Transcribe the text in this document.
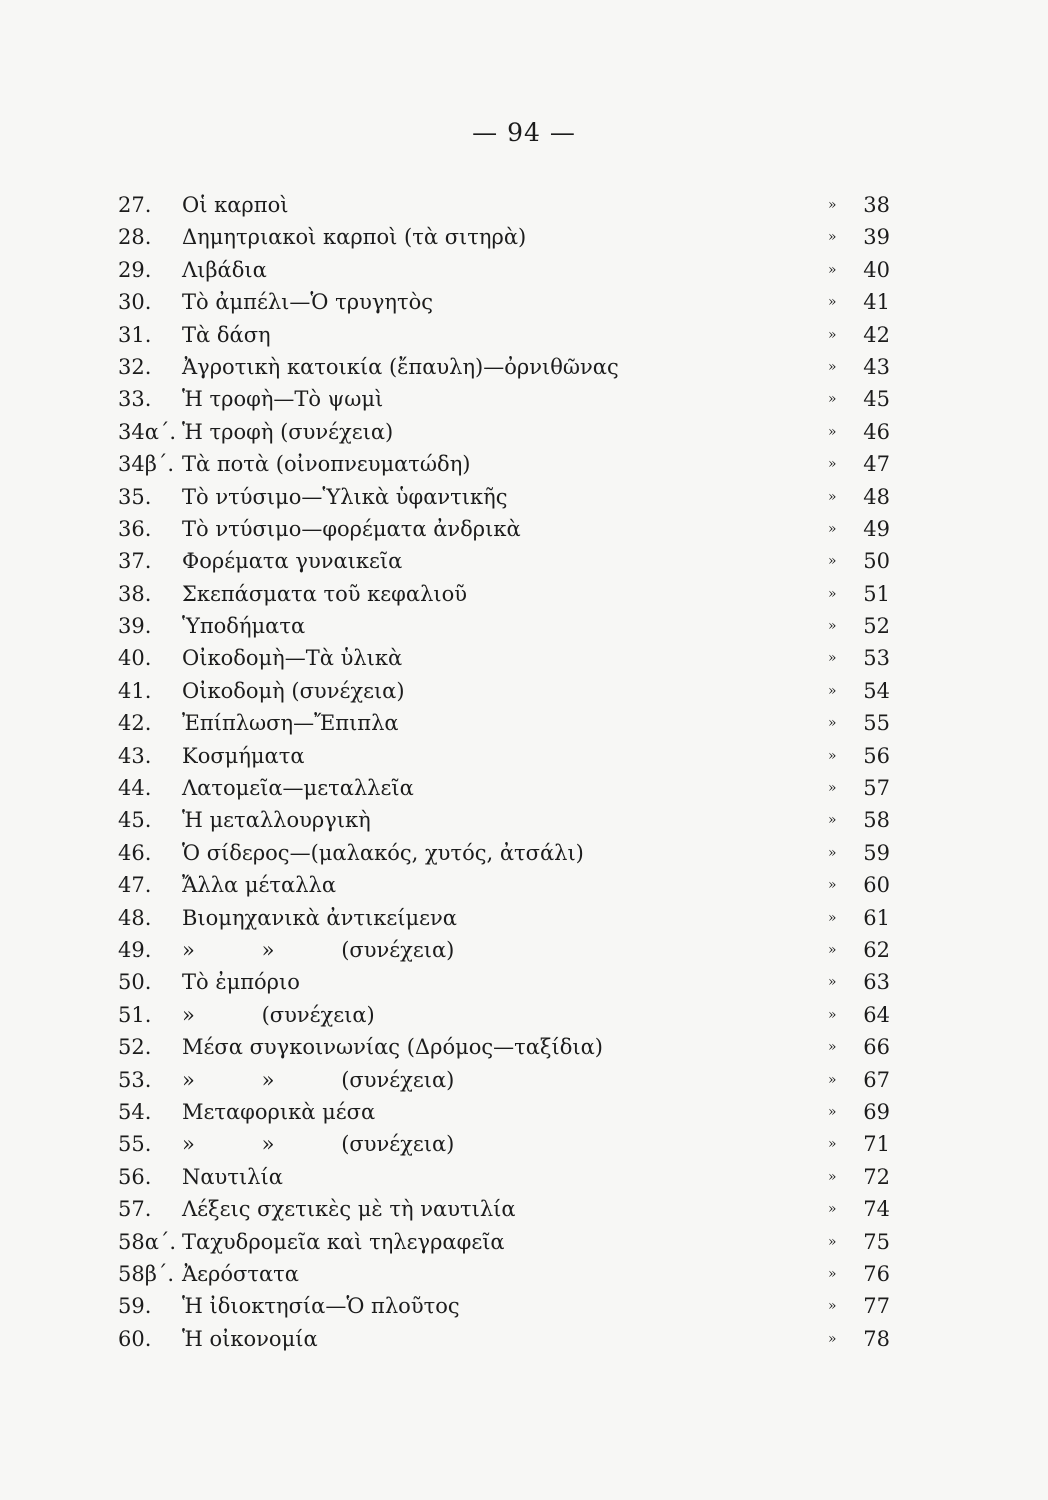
— 94 —
27. Οἱ καρποὶ	» 38
28. Δημητριακοὶ καρποὶ (τὰ σιτηρὰ)	» 39
29. Λιβάδια	» 40
30. Τὸ ἀμπέλι—Ὁ τρυγητὸς	» 41
31. Τὰ δάση	» 42
32. Ἀγροτικὴ κατοικία (ἔπαυλη)—ὀρνιθῶνας	» 43
33. Ἡ τροφὴ—Τὸ ψωμὶ	» 45
34α΄. Ἡ τροφὴ (συνέχεια)	» 46
34β΄. Τὰ ποτὰ (οἰνοπνευματώδη)	» 47
35. Τὸ ντύσιμο—Ὑλικὰ ὑφαντικῆς	» 48
36. Τὸ ντύσιμο—φορέματα ἀνδρικὰ	» 49
37. Φορέματα γυναικεῖα	» 50
38. Σκεπάσματα τοῦ κεφαλιοῦ	» 51
39. Ὑποδήματα	» 52
40. Οἰκοδομὴ—Τὰ ὑλικὰ	» 53
41. Οἰκοδομὴ (συνέχεια)	» 54
42. Ἐπίπλωση—Ἔπιπλα	» 55
43. Κοσμήματα	» 56
44. Λατομεῖα—μεταλλεῖα	» 57
45. Ἡ μεταλλουργικὴ	» 58
46. Ὁ σίδερος—(μαλακός, χυτός, ἀτσάλι)	» 59
47. Ἄλλα μέταλλα	» 60
48. Βιομηχανικὰ ἀντικείμενα	» 61
49. »          »          (συνέχεια)	» 62
50. Τὸ ἐμπόριο	» 63
51. »          (συνέχεια)	» 64
52. Μέσα συγκοινωνίας (Δρόμος—ταξίδια)	» 66
53. »          »          (συνέχεια)	» 67
54. Μεταφορικὰ μέσα	» 69
55. »          »          (συνέχεια)	» 71
56. Ναυτιλία	» 72
57. Λέξεις σχετικὲς μὲ τὴ ναυτιλία	» 74
58α΄. Ταχυδρομεῖα καὶ τηλεγραφεῖα	» 75
58β΄. Ἀερόστατα	» 76
59. Ἡ ἰδιοκτησία—Ὁ πλοῦτος	» 77
60. Ἡ οἰκονομία	» 78
